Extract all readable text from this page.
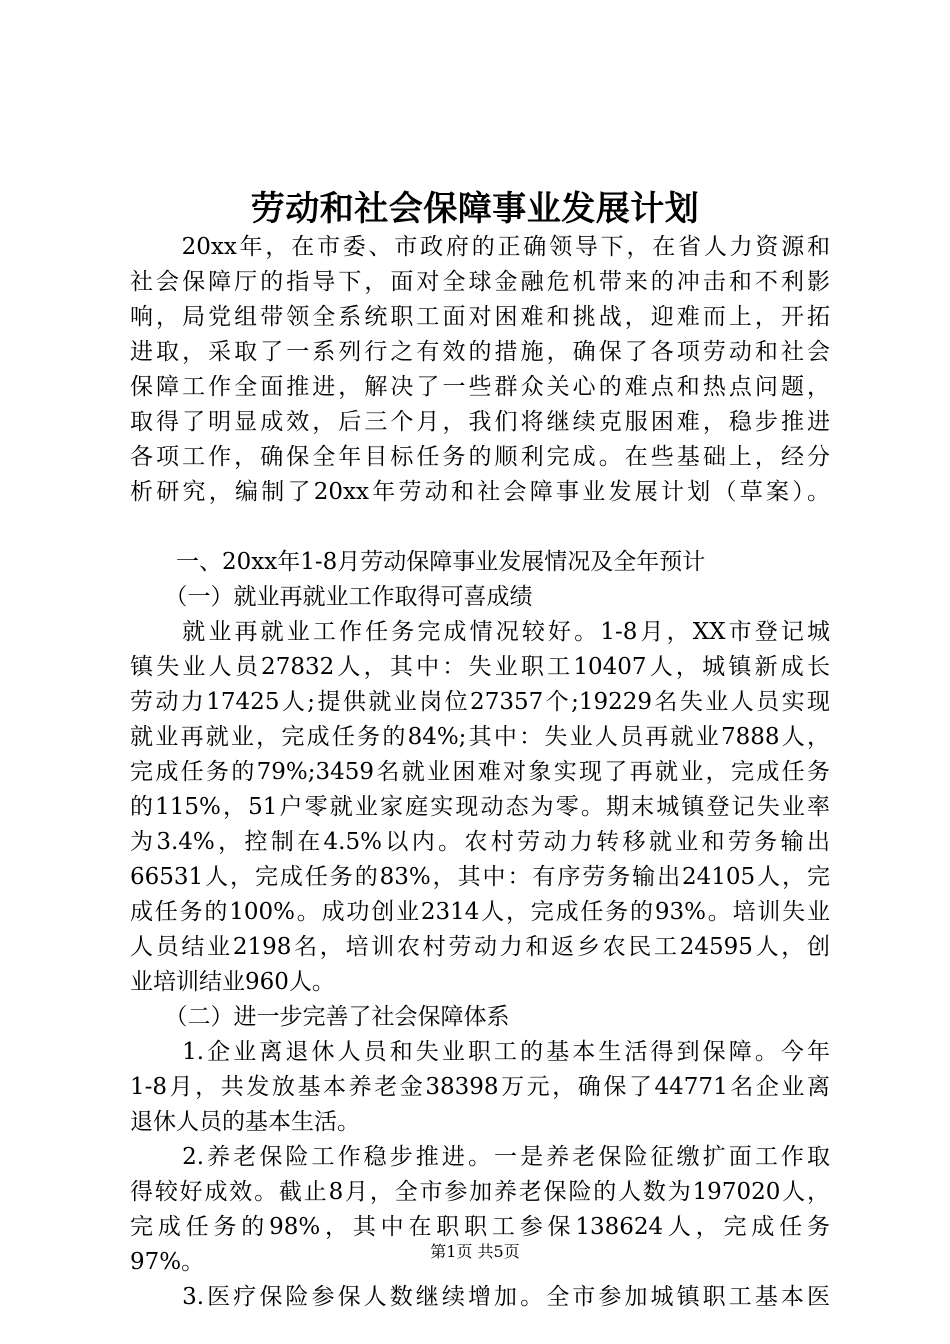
劳动和社会保障事业发展计划
　　20xx年，在市委、市政府的正确领导下，在省人力资源和
社会保障厅的指导下，面对全球金融危机带来的冲击和不利影
响，局党组带领全系统职工面对困难和挑战，迎难而上，开拓
进取，采取了一系列行之有效的措施，确保了各项劳动和社会
保障工作全面推进，解决了一些群众关心的难点和热点问题，
取得了明显成效，后三个月，我们将继续克服困难，稳步推进
各项工作，确保全年目标任务的顺利完成。在些基础上，经分
析研究，编制了20xx年劳动和社会障事业发展计划（草案）。
　　一、20xx年1-8月劳动保障事业发展情况及全年预计
　　（一）就业再就业工作取得可喜成绩
　　就业再就业工作任务完成情况较好。1-8月，XX市登记城
镇失业人员27832人，其中：失业职工10407人，城镇新成长
劳动力17425人;提供就业岗位27357个;19229名失业人员实现
就业再就业，完成任务的84%;其中：失业人员再就业7888人，
完成任务的79%;3459名就业困难对象实现了再就业，完成任务
的115%，51户零就业家庭实现动态为零。期末城镇登记失业率
为3.4%，控制在4.5%以内。农村劳动力转移就业和劳务输出
66531人，完成任务的83%，其中：有序劳务输出24105人，完
成任务的100%。成功创业2314人，完成任务的93%。培训失业
人员结业2198名，培训农村劳动力和返乡农民工24595人，创
业培训结业960人。
　　（二）进一步完善了社会保障体系
　　1.企业离退休人员和失业职工的基本生活得到保障。今年
1-8月，共发放基本养老金38398万元，确保了44771名企业离
退休人员的基本生活。
　　2.养老保险工作稳步推进。一是养老保险征缴扩面工作取
得较好成效。截止8月，全市参加养老保险的人数为197020人，
完成任务的98%，其中在职职工参保138624人，完成任务
97%。
　　3.医疗保险参保人数继续增加。全市参加城镇职工基本医
第1页 共5页
